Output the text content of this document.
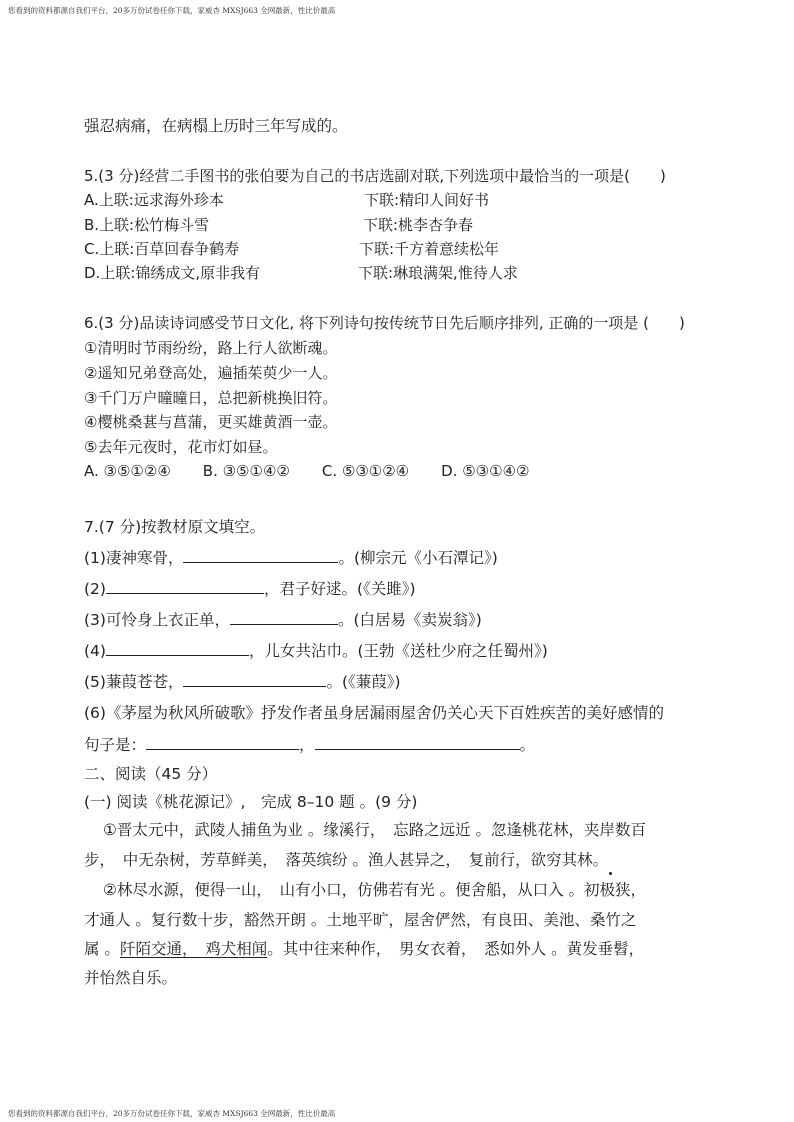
您看到的资料都源自我们平台，20多万份试卷任你下载，家威杏 MXSJ663 全网最新，性比价最高
强忍病痛，在病榻上历时三年写成的。
5.(3 分)经营二手图书的张伯要为自己的书店选副对联,下列选项中最恰当的一项是(　　)
A.上联:远求海外珍本	下联:精印人间好书
B.上联:松竹梅斗雪	下联:桃李杏争春
C.上联:百草回春争鹤寿	下联:千方着意续松年
D.上联:锦绣成文,原非我有	下联:琳琅满架,惟待人求
6.(3 分)品读诗词感受节日文化, 将下列诗句按传统节日先后顺序排列, 正确的一项是 (　　)
①清明时节雨纷纷，路上行人欲断魂。
②遥知兄弟登高处，遍插茱萸少一人。
③千门万户曈曈日，总把新桃换旧符。
④樱桃桑葚与菖蒲，更买雄黄酒一壶。
⑤去年元夜时，花市灯如昼。
A. ③⑤①②④ B. ③⑤①④② C. ⑤③①②④ D. ⑤③①④②
7.(7 分)按教材原文填空。
(1)凄神寒骨，	。(柳宗元《小石潭记》)
(2)	，君子好逑。(《关雎》)
(3)可怜身上衣正单，	。(白居易《卖炭翁》)
(4)	，儿女共沾巾。(王勃《送杜少府之任蜀州》)
(5)蒹葭苍苍，	。(《蒹葭》)
(6)《茅屋为秋风所破歌》抒发作者虽身居漏雨屋舍仍关心天下百姓疾苦的美好感情的
句子是：	，	。
二、阅读（45 分）
(一) 阅读《桃花源记》,　完成 8–10 题 。(9 分)
①晋太元中，武陵人捕鱼为业 。缘溪行，　忘路之远近 。忽逢桃花林，夹岸数百
步，　中无杂树，芳草鲜美，　落英缤纷 。渔人甚异之，　复前行，欲穷其林。
②林尽水源，便得一山，　山有小口，仿佛若有光 。便舍船，从口入 。初极狭，
才通人 。复行数十步，豁然开朗 。土地平旷，屋舍俨然，有良田、美池、桑竹之
属 。阡陌交通，　鸡犬相闻。其中往来种作，　男女衣着，　悉如外人 。黄发垂髫，
并怡然自乐。
您看到的资料都源自我们平台，20多万份试卷任你下载，家威杏 MXSJ663 全网最新，性比价最高
